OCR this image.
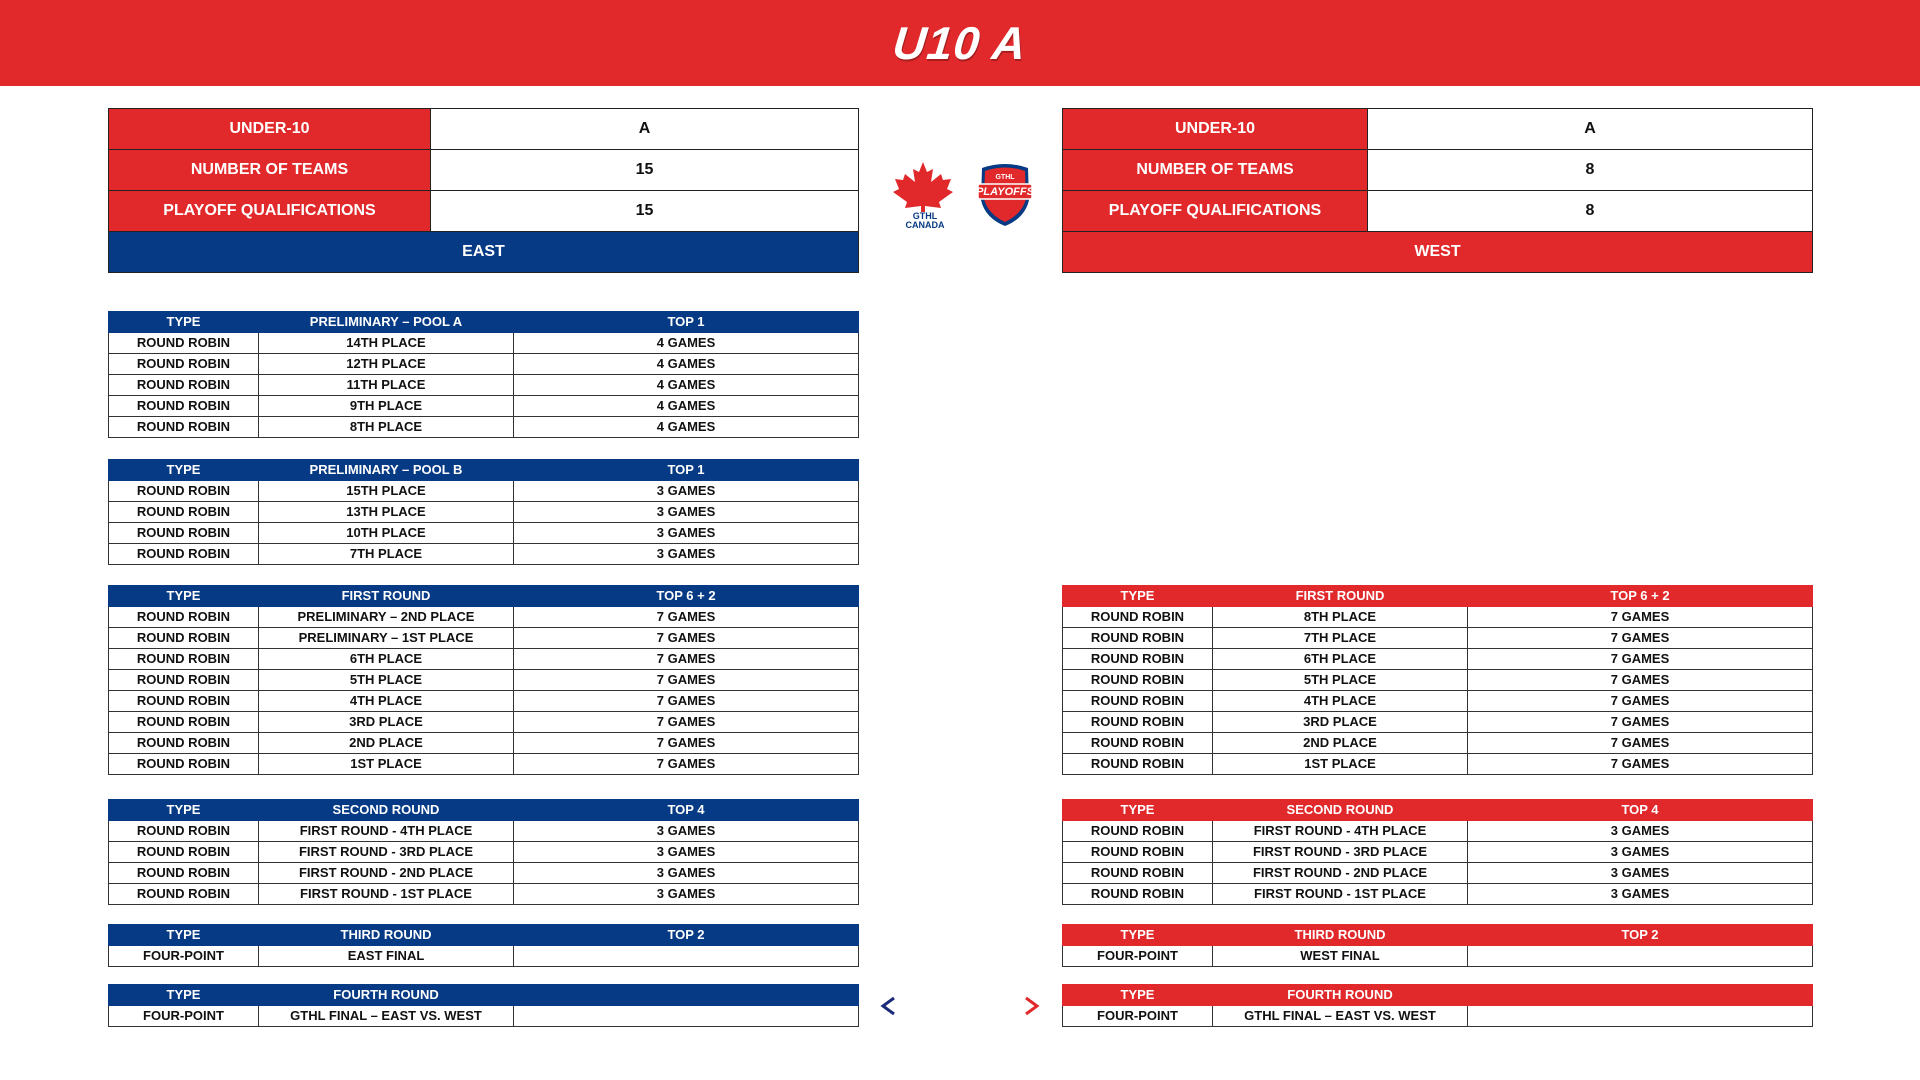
U10 A
UNDER-10	A
NUMBER OF TEAMS	15
PLAYOFF QUALIFICATIONS	15
EAST	
UNDER-10	A
NUMBER OF TEAMS	8
PLAYOFF QUALIFICATIONS	8
WEST	
GTHL
CANADA
GTHL
PLAYOFFS
TYPE	PRELIMINARY – POOL A	TOP 1
ROUND ROBIN	14TH PLACE	4 GAMES
ROUND ROBIN	12TH PLACE	4 GAMES
ROUND ROBIN	11TH PLACE	4 GAMES
ROUND ROBIN	9TH PLACE	4 GAMES
ROUND ROBIN	8TH PLACE	4 GAMES
TYPE	PRELIMINARY – POOL B	TOP 1
ROUND ROBIN	15TH PLACE	3 GAMES
ROUND ROBIN	13TH PLACE	3 GAMES
ROUND ROBIN	10TH PLACE	3 GAMES
ROUND ROBIN	7TH PLACE	3 GAMES
TYPE	FIRST ROUND	TOP 6 + 2
ROUND ROBIN	PRELIMINARY – 2ND PLACE	7 GAMES
ROUND ROBIN	PRELIMINARY – 1ST PLACE	7 GAMES
ROUND ROBIN	6TH PLACE	7 GAMES
ROUND ROBIN	5TH PLACE	7 GAMES
ROUND ROBIN	4TH PLACE	7 GAMES
ROUND ROBIN	3RD PLACE	7 GAMES
ROUND ROBIN	2ND PLACE	7 GAMES
ROUND ROBIN	1ST PLACE	7 GAMES
TYPE	SECOND ROUND	TOP 4
ROUND ROBIN	FIRST ROUND - 4TH PLACE	3 GAMES
ROUND ROBIN	FIRST ROUND - 3RD PLACE	3 GAMES
ROUND ROBIN	FIRST ROUND - 2ND PLACE	3 GAMES
ROUND ROBIN	FIRST ROUND - 1ST PLACE	3 GAMES
TYPE	THIRD ROUND	TOP 2
FOUR-POINT	EAST FINAL	
TYPE	FOURTH ROUND	
FOUR-POINT	GTHL FINAL – EAST VS. WEST	
TYPE	FIRST ROUND	TOP 6 + 2
ROUND ROBIN	8TH PLACE	7 GAMES
ROUND ROBIN	7TH PLACE	7 GAMES
ROUND ROBIN	6TH PLACE	7 GAMES
ROUND ROBIN	5TH PLACE	7 GAMES
ROUND ROBIN	4TH PLACE	7 GAMES
ROUND ROBIN	3RD PLACE	7 GAMES
ROUND ROBIN	2ND PLACE	7 GAMES
ROUND ROBIN	1ST PLACE	7 GAMES
TYPE	SECOND ROUND	TOP 4
ROUND ROBIN	FIRST ROUND - 4TH PLACE	3 GAMES
ROUND ROBIN	FIRST ROUND - 3RD PLACE	3 GAMES
ROUND ROBIN	FIRST ROUND - 2ND PLACE	3 GAMES
ROUND ROBIN	FIRST ROUND - 1ST PLACE	3 GAMES
TYPE	THIRD ROUND	TOP 2
FOUR-POINT	WEST FINAL	
TYPE	FOURTH ROUND	
FOUR-POINT	GTHL FINAL – EAST VS. WEST	
